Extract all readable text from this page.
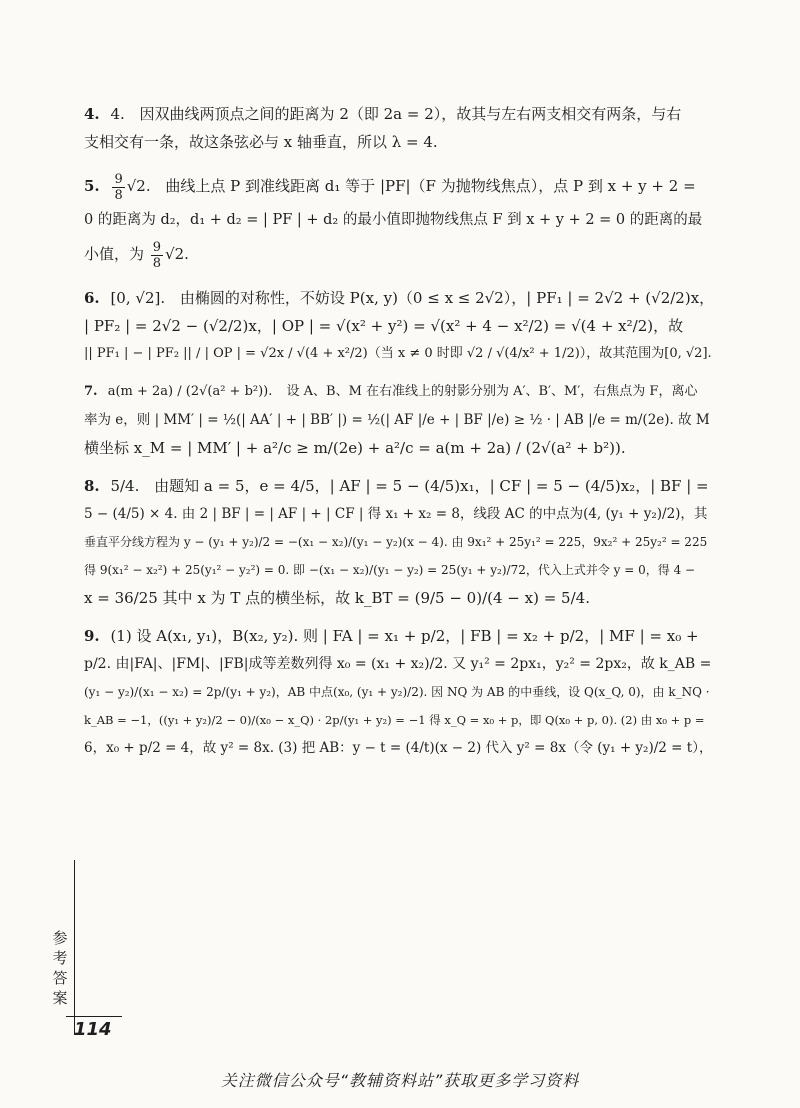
4. 4. 因双曲线两顶点之间的距离为 2（即 2a = 2），故其与左右两支相交有两条，与右
支相交有一条，故这条弦必与 x 轴垂直，所以 λ = 4.
5. $\frac{9}{8} √2$. 曲线上点 P 到准线距离 d₁ 等于 |PF|（F 为抛物线焦点），点 P 到 x + y + 2 =
0 的距离为 d₂，d₁ + d₂ = | PF | + d₂ 的最小值即抛物线焦点 F 到 x + y + 2 = 0 的距离的最
小值，为 $\frac{9}{8} √2$.
6. [0, √2]. 由椭圆的对称性，不妨设 P(x, y)（0 ≤ x ≤ 2√2），| PF₁ | = 2√2 + (√2/2)x，
| PF₂ | = 2√2 − (√2/2)x，| OP | = √(x² + y²) = √(x² + 4 − x²/2) = √(4 + x²/2)，故
|| PF₁ | − | PF₂ || / | OP | = √2x / √(4 + x²/2)（当 x ≠ 0 时即 √2 / √(4/x² + 1/2)），故其范围为[0, √2].
7. a(m + 2a) / (2√(a² + b²)). 设 A、B、M 在右准线上的射影分别为 A′、B′、M′，右焦点为 F，离心
率为 e，则 | MM′ | = ½(| AA′ | + | BB′ |) = ½(| AF |/e + | BF |/e) ≥ ½ · | AB |/e = m/(2e). 故 M
横坐标 x_M = | MM′ | + a²/c ≥ m/(2e) + a²/c = a(m + 2a) / (2√(a² + b²)).
8. 5/4. 由题知 a = 5，e = 4/5，| AF | = 5 − (4/5)x₁，| CF | = 5 − (4/5)x₂，| BF | =
5 − (4/5) × 4. 由 2 | BF | = | AF | + | CF | 得 x₁ + x₂ = 8，线段 AC 的中点为(4, (y₁ + y₂)/2)，其
垂直平分线方程为 y − (y₁ + y₂)/2 = −(x₁ − x₂)/(y₁ − y₂)(x − 4). 由 9x₁² + 25y₁² = 225，9x₂² + 25y₂² = 225
得 9(x₁² − x₂²) + 25(y₁² − y₂²) = 0. 即 −(x₁ − x₂)/(y₁ − y₂) = 25(y₁ + y₂)/72，代入上式并令 y = 0，得 4 −
x = 36/25 其中 x 为 T 点的横坐标，故 k_BT = (9/5 − 0)/(4 − x) = 5/4.
9. (1) 设 A(x₁, y₁)，B(x₂, y₂). 则 | FA | = x₁ + p/2，| FB | = x₂ + p/2，| MF | = x₀ +
p/2. 由|FA|、|FM|、|FB|成等差数列得 x₀ = (x₁ + x₂)/2. 又 y₁² = 2px₁，y₂² = 2px₂，故 k_AB =
(y₁ − y₂)/(x₁ − x₂) = 2p/(y₁ + y₂)，AB 中点(x₀, (y₁ + y₂)/2). 因 NQ 为 AB 的中垂线，设 Q(x_Q, 0)，由 k_NQ ·
k_AB = −1，((y₁ + y₂)/2 − 0)/(x₀ − x_Q) · 2p/(y₁ + y₂) = −1 得 x_Q = x₀ + p，即 Q(x₀ + p, 0). (2) 由 x₀ + p =
6，x₀ + p/2 = 4，故 y² = 8x. (3) 把 AB：y − t = (4/t)(x − 2) 代入 y² = 8x（令 (y₁ + y₂)/2 = t），
参考答案
114
关注微信公众号“教辅资料站”获取更多学习资料
